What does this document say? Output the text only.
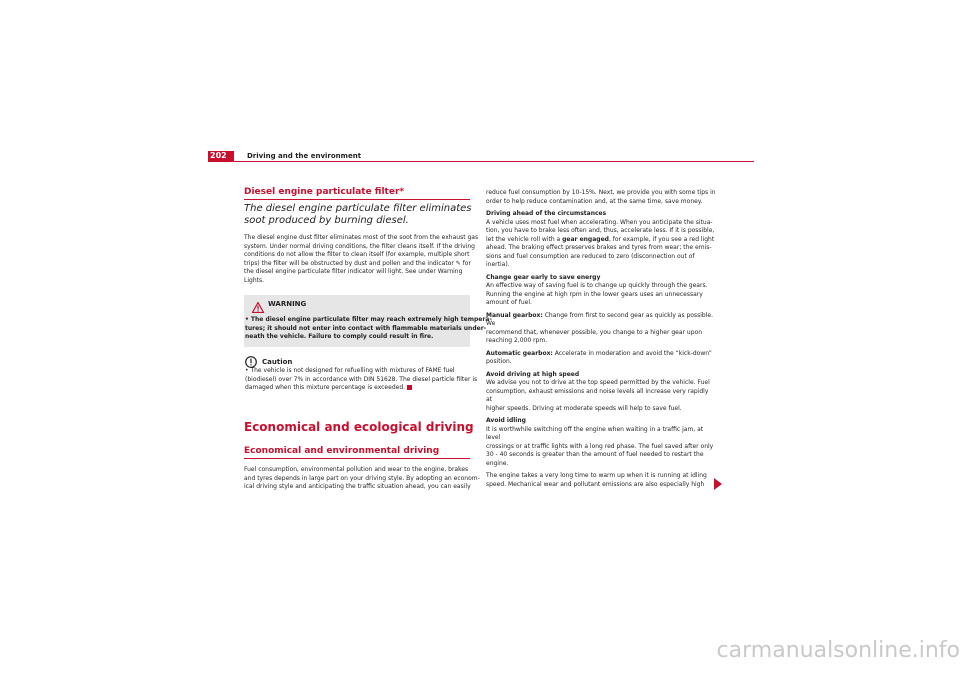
202	Driving and the environment
Diesel engine particulate filter*
The diesel engine particulate filter eliminates soot produced by burning diesel.
The diesel engine dust filter eliminates most of the soot from the exhaust gas
system. Under normal driving conditions, the filter cleans itself. If the driving
conditions do not allow the filter to clean itself (for example, multiple short
trips) the filter will be obstructed by dust and pollen and the indicator ✎ for
the diesel engine particulate filter indicator will light. See under Warning
Lights.
WARNING
• The diesel engine particulate filter may reach extremely high tempera-
tures; it should not enter into contact with flammable materials under-
neath the vehicle. Failure to comply could result in fire.
Caution
• The vehicle is not designed for refuelling with mixtures of FAME fuel
(biodiesel) over 7% in accordance with DIN 51628. The diesel particle filter is
damaged when this mixture percentage is exceeded.
Economical and ecological driving
Economical and environmental driving
Fuel consumption, environmental pollution and wear to the engine, brakes
and tyres depends in large part on your driving style. By adopting an econom-
ical driving style and anticipating the traffic situation ahead, you can easily
reduce fuel consumption by 10-15%. Next, we provide you with some tips in
order to help reduce contamination and, at the same time, save money.
Driving ahead of the circumstances
A vehicle uses most fuel when accelerating. When you anticipate the situa-
tion, you have to brake less often and, thus, accelerate less. If it is possible,
let the vehicle roll with a gear engaged, for example, if you see a red light
ahead. The braking effect preserves brakes and tyres from wear; the emis-
sions and fuel consumption are reduced to zero (disconnection out of
inertia).
Change gear early to save energy
An effective way of saving fuel is to change up quickly through the gears.
Running the engine at high rpm in the lower gears uses an unnecessary
amount of fuel.
Manual gearbox: Change from first to second gear as quickly as possible. We
recommend that, whenever possible, you change to a higher gear upon
reaching 2,000 rpm.
Automatic gearbox: Accelerate in moderation and avoid the “kick-down”
position.
Avoid driving at high speed
We advise you not to drive at the top speed permitted by the vehicle. Fuel
consumption, exhaust emissions and noise levels all increase very rapidly at
higher speeds. Driving at moderate speeds will help to save fuel.
Avoid idling
It is worthwhile switching off the engine when waiting in a traffic jam, at level
crossings or at traffic lights with a long red phase. The fuel saved after only
30 - 40 seconds is greater than the amount of fuel needed to restart the
engine.
The engine takes a very long time to warm up when it is running at idling
speed. Mechanical wear and pollutant emissions are also especially high
carmanualsonline.info
